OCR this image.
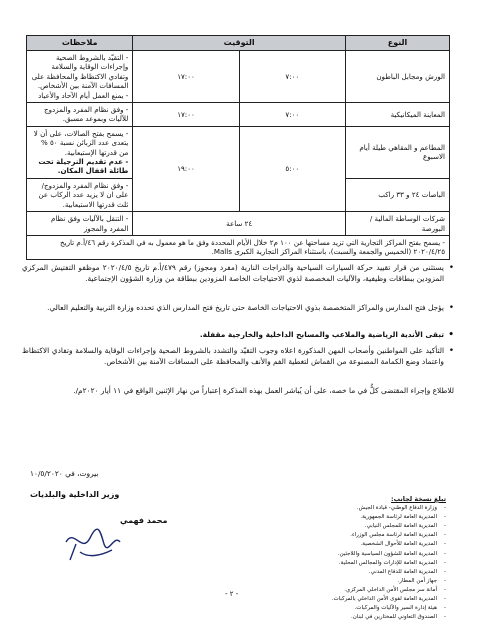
النوع	التوقيت		ملاحظات
الورش ومجابل الباطون	٧:٠٠	١٧:٠٠	- التقيّد بالشروط الصحية وإجراءات الوقاية والسلامة وتفادي الاكتظاظ والمحافظة على المسافات الآمنة بين الأشخاص.
- يمنع العمل أيام الآحاد والأعياد

المعاينة الميكانيكية	٧:٠٠	١٧:٠٠	- وفق نظام المفرد والمزدوج للآليات وبموعد مسبق.

المطاعم و المقاهي طيلة أيام الاسبوع	٥:٠٠	١٩:٠٠	- يسمح بفتح الصالات، على أن لا يتعدى عدد الزبائن نسبة ٥٠ % من قدرتها الإستيعابية.
- عدم تقديم النرجيلة تحت طائلة اقفال المكان.

الباصات ٢٤ و ٣٣ راكب			- وفق نظام المفرد والمزدوج/ على ان لا يزيد عدد الركاب عن ثلث قدرتها الاستيعابية.

شركات الوساطة المالية / البورصة	٢٤ ساعة		- التنقل بالآليات وفق نظام المفرد والمجوز

- يسمح بفتح المراكز التجارية التي تزيد مساحتها عن ١٠٠ م٢ خلال الأيام المحددة وفق ما هو معمول به في المذكرة رقم ٤٦/أ.م تاريخ ٢٠٢٠/٤/٢٥ (الخميس والجمعة والسبت)، باستثناء المراكز التجارية الكبرى Malls.			
• يستثنى من قرار تقييد حركة السيارات السياحية والدراجات النارية (مفرد ومجوز) رقم ٤٧٩/أ.م تاريخ ٢٠٢٠/٤/٥ موظفو التفتيش المركزي المزودين ببطاقات وظيفية، والآليات المخصصة لذوي الاحتياجات الخاصة المزودين ببطاقة من وزارة الشؤون الإجتماعية.
• يؤجل فتح المدارس والمراكز المتخصصة بذوي الاحتياجات الخاصة حتى تاريخ فتح المدارس الذي تحدده وزارة التربية والتعليم العالي.
• تبقى الأندية الرياضية والملاعب والمسابح الداخلية والخارجية مقفلة.
• التأكيد على المواطنين وأصحاب المهن المذكورة اعلاه وجوب التقيّد والتشدد بالشروط الصحية وإجراءات الوقاية والسلامة وتفادي الاكتظاظ واعتماد وضع الكمامة المصنوعة من القماش لتغطية الفم والأنف والمحافظة على المسافات الآمنة بين الأشخاص.
للاطلاع وإجراء المقتضى كلٌّ في ما خصه، على أن يُباشر العمل بهذه المذكرة إعتباراً من نهار الإثنين الواقع في ١١ أيار ٢٠٢٠م/.
بيروت، في ١٠/٥/٢٠٢٠
وزير الداخلية والبلديات
محمد فهمي
تبلغ نسخة لجانب:
- وزارة الدفاع الوطني- قيادة الجيش.
- المديرية العامة لرئاسة الجمهورية.
- المديرية العامة للمجلس النيابي.
- المديرية العامة لرئاسة مجلس الوزراء.
- المديرية العامة للأحوال الشخصية.
- المديرية العامة للشؤون السياسية واللاجئين.
- المديرية العامة للإدارات والمجالس المحلية.
- المديرية العامة للدفاع المدني.
- جهاز أمن المطار.
- أمانة سر مجلس الأمن الداخلي المركزي.
- المديرية العامة لقوى الأمن الداخلي بالمركبات.
- هيئة إدارة السير والآليات والمركبات.
- الصندوق التعاوني للمختارين في لبنان.
- ٢ -
